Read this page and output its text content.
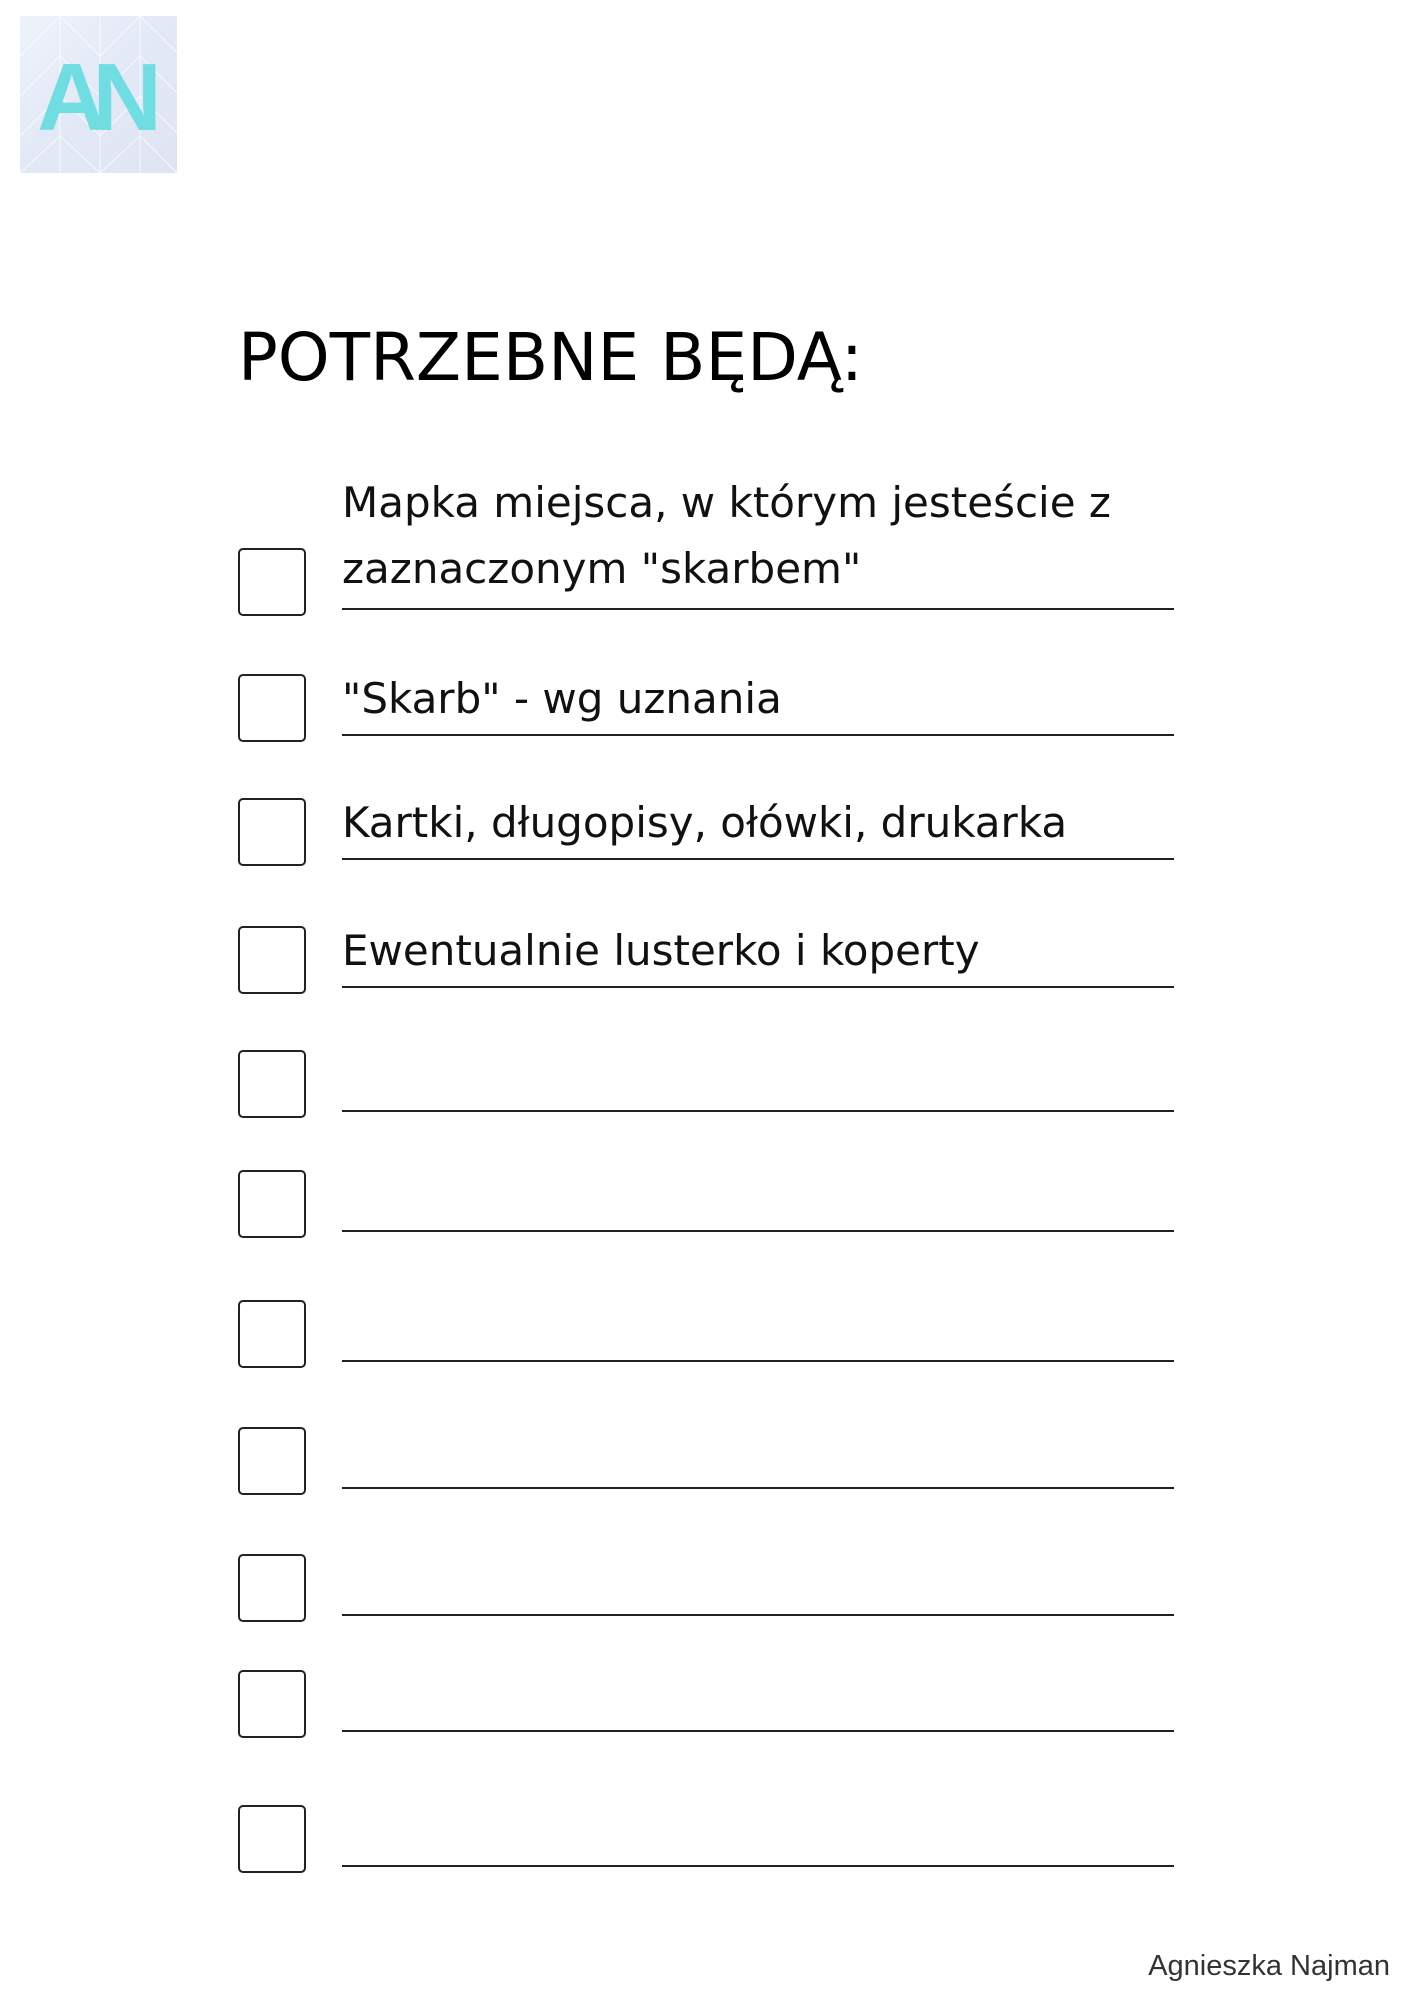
AN
POTRZEBNE BĘDĄ:
Mapka miejsca, w którym jesteście z
zaznaczonym "skarbem"
"Skarb" - wg uznania
Kartki, długopisy, ołówki, drukarka
Ewentualnie lusterko i koperty
Agnieszka Najman
